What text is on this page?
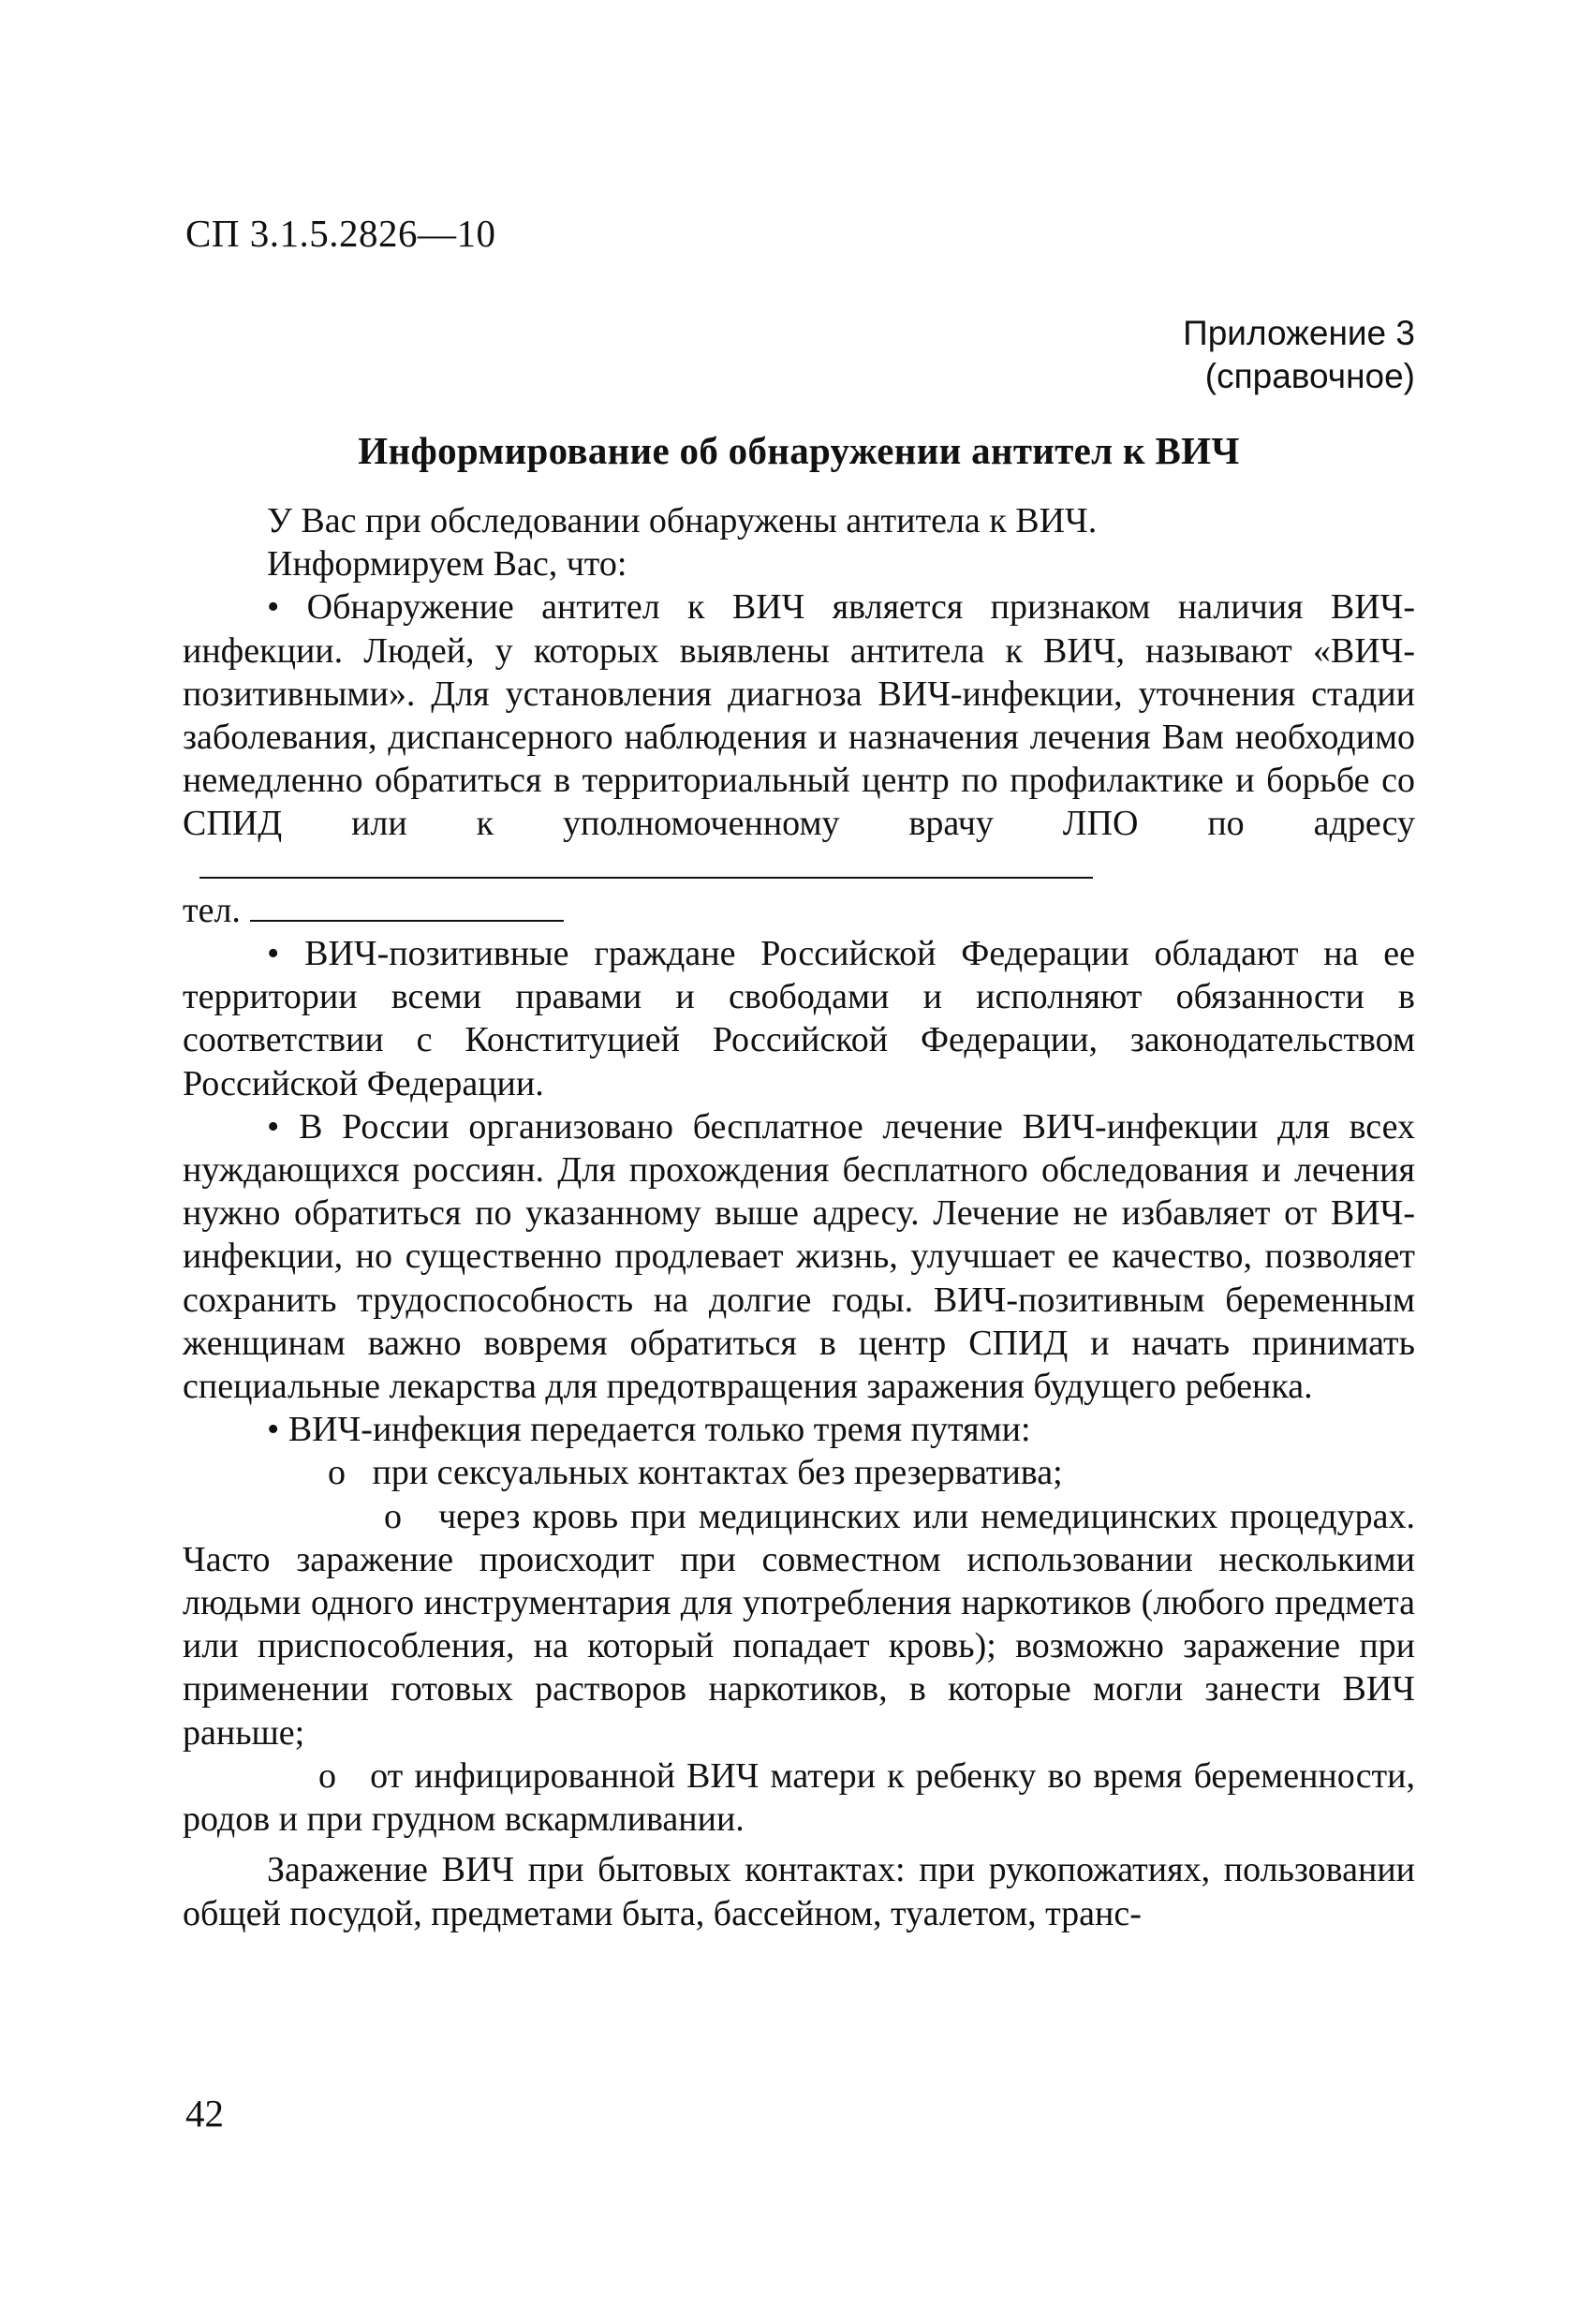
СП 3.1.5.2826—10
Приложение 3
(справочное)
Информирование об обнаружении антител к ВИЧ

У Вас при обследовании обнаружены антитела к ВИЧ.

Информируем Вас, что:

• Обнаружение антител к ВИЧ является признаком наличия ВИЧ-инфекции. Людей, у которых выявлены антитела к ВИЧ, называют «ВИЧ-позитивными». Для установления диагноза ВИЧ-инфекции, уточнения стадии заболевания, диспансерного наблюдения и назначения лечения Вам необходимо немедленно обратиться в территориальный центр по профилактике и борьбе со СПИД или к уполномоченному врачу ЛПО по адресу

тел.

• ВИЧ-позитивные граждане Российской Федерации обладают на ее территории всеми правами и свободами и исполняют обязанности в соответствии с Конституцией Российской Федерации, законодательством Российской Федерации.

• В России организовано бесплатное лечение ВИЧ-инфекции для всех нуждающихся россиян. Для прохождения бесплатного обследования и лечения нужно обратиться по указанному выше адресу. Лечение не избавляет от ВИЧ-инфекции, но существенно продлевает жизнь, улучшает ее качество, позволяет сохранить трудоспособность на долгие годы. ВИЧ-позитивным беременным женщинам важно вовремя обратиться в центр СПИД и начать принимать специальные лекарства для предотвращения заражения будущего ребенка.

• ВИЧ-инфекция передается только тремя путями:

о при сексуальных контактах без презерватива;

о через кровь при медицинских или немедицинских процедурах. Часто заражение происходит при совместном использовании несколькими людьми одного инструментария для употребления наркотиков (любого предмета или приспособления, на который попадает кровь); возможно заражение при применении готовых растворов наркотиков, в которые могли занести ВИЧ раньше;

о от инфицированной ВИЧ матери к ребенку во время беременности, родов и при грудном вскармливании.

Заражение ВИЧ при бытовых контактах: при рукопожатиях, пользовании общей посудой, предметами быта, бассейном, туалетом, транс-

42
